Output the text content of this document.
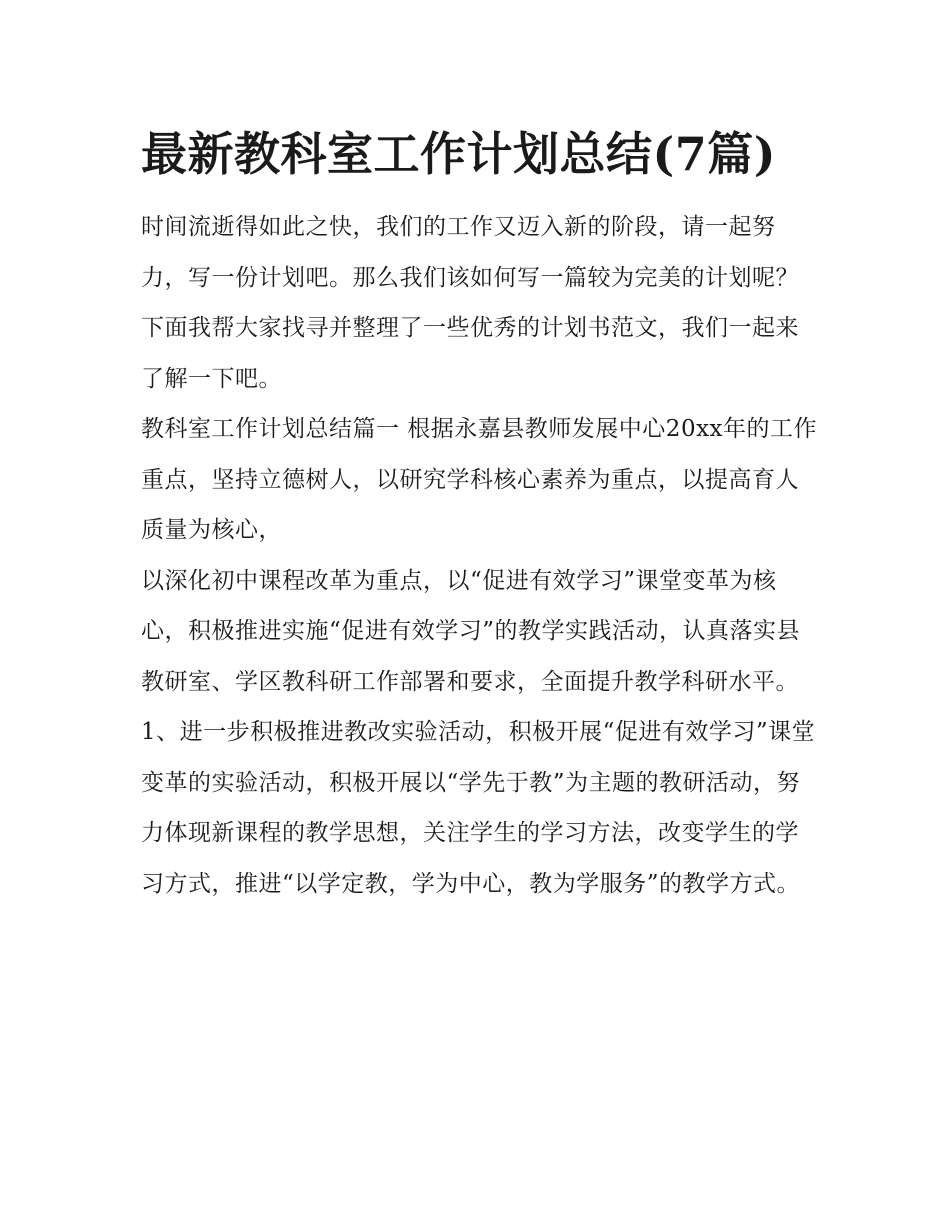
最新教科室工作计划总结(7篇)

时间流逝得如此之快，我们的工作又迈入新的阶段，请一起努力，写一份计划吧。那么我们该如何写一篇较为完美的计划呢？下面我帮大家找寻并整理了一些优秀的计划书范文，我们一起来了解一下吧。

教科室工作计划总结篇一 根据永嘉县教师发展中心20xx年的工作重点，坚持立德树人，以研究学科核心素养为重点，以提高育人质量为核心，

以深化初中课程改革为重点，以“促进有效学习”课堂变革为核心，积极推进实施“促进有效学习”的教学实践活动，认真落实县教研室、学区教科研工作部署和要求，全面提升教学科研水平。

1、进一步积极推进教改实验活动，积极开展“促进有效学习”课堂变革的实验活动，积极开展以“学先于教”为主题的教研活动，努力体现新课程的教学思想，关注学生的学习方法，改变学生的学习方式，推进“以学定教，学为中心，教为学服务”的教学方式。
